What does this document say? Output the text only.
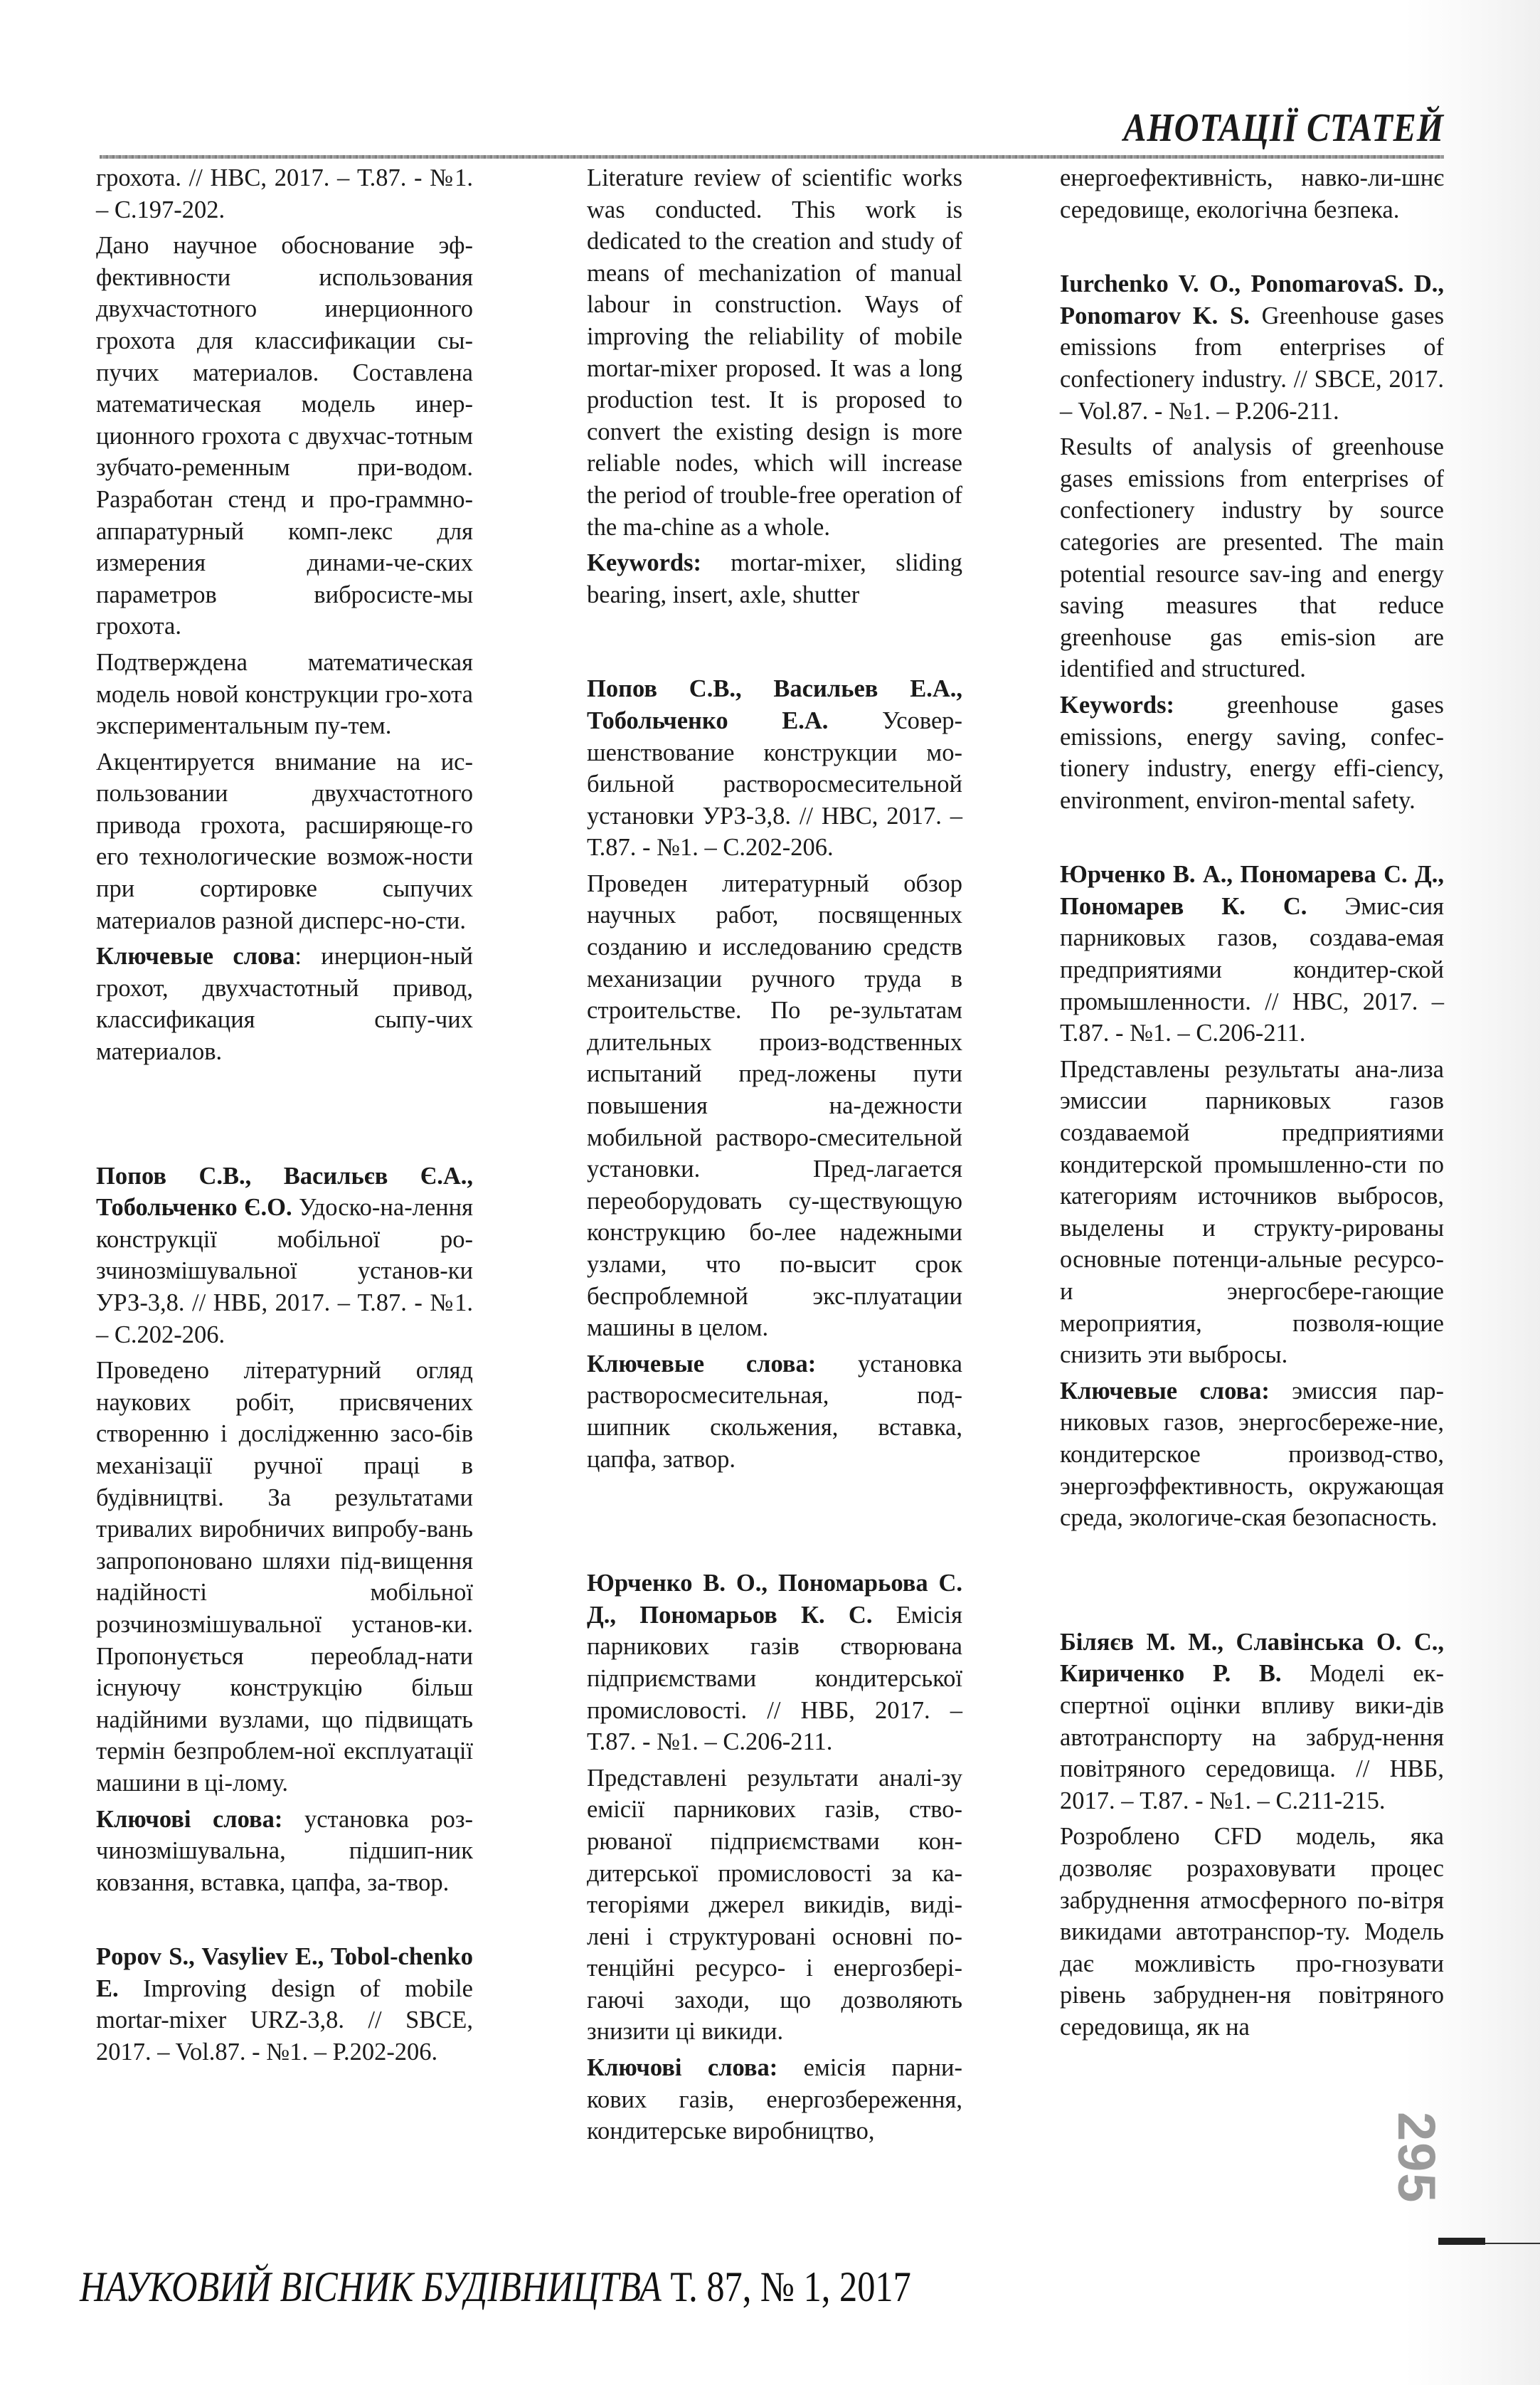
АНОТАЦІЇ СТАТЕЙ

грохота. // НВС, 2017. – Т.87. - №1. – С.197-202.

Дано научное обоснование эф-фективности использования двухчастотного инерционного грохота для классификации сы-пучих материалов. Составлена математическая модель инер-ционного грохота с двухчас-тотным зубчато-ременным при-водом. Разработан стенд и про-граммно-аппаратурный комп-лекс для измерения динами-че-ских параметров вибросисте-мы грохота.

Подтверждена математическая модель новой конструкции гро-хота экспериментальным пу-тем.

Акцентируется внимание на ис-пользовании двухчастотного привода грохота, расширяюще-го его технологические возмож-ности при сортировке сыпучих материалов разной дисперс-но-сти.

Ключевые слова: инерцион-ный грохот, двухчастотный привод, классификация сыпу-чих материалов.

Попов С.В., Васильєв Є.А., Тобольченко Є.О. Удоско-на-лення конструкції мобільної ро-зчинозмішувальної установ-ки УРЗ-3,8. // НВБ, 2017. – Т.87. - №1. – С.202-206.

Проведено літературний огляд наукових робіт, присвячених створенню і дослідженню засо-бів механізації ручної праці в будівництві. За результатами тривалих виробничих випробу-вань запропоновано шляхи під-вищення надійності мобільної розчинозмішувальної установ-ки. Пропонується переоблад-нати існуючу конструкцію більш надійними вузлами, що підвищать термін безпроблем-ної експлуатації машини в ці-лому.

Ключові слова: установка роз-чинозмішувальна, підшип-ник ковзання, вставка, цапфа, за-твор.

Popov S., Vasyliev E., Tobol-chenko E. Improving design of mobile mortar-mixer URZ-3,8. // SBCE, 2017. – Vol.87. - №1. – P.202-206.

Literature review of scientific works was conducted. This work is dedicated to the creation and study of means of mechanization of manual labour in construction. Ways of improving the reliability of mobile mortar-mixer proposed. It was a long production test. It is proposed to convert the existing design is more reliable nodes, which will increase the period of trouble-free operation of the ma-chine as a whole.

Keywords: mortar-mixer, sliding bearing, insert, axle, shutter

Попов С.В., Васильев Е.А., Тобольченко Е.А. Усовер-шенствование конструкции мо-бильной растворосмесительной установки УРЗ-3,8. // НВС, 2017. – Т.87. - №1. – С.202-206.

Проведен литературный обзор научных работ, посвященных созданию и исследованию средств механизации ручного труда в строительстве. По ре-зультатам длительных произ-водственных испытаний пред-ложены пути повышения на-дежности мобильной растворо-смесительной установки. Пред-лагается переоборудовать су-ществующую конструкцию бо-лее надежными узлами, что по-высит срок беспроблемной экс-плуатации машины в целом.

Ключевые слова: установка растворосмесительная, под-шипник скольжения, вставка, цапфа, затвор.

Юрченко В. О., Пономарьова С. Д., Пономарьов К. С. Емісія парникових газів створювана підприємствами кондитерської промисловості. // НВБ, 2017. – Т.87. - №1. – С.206-211.

Представлені результати аналі-зу емісії парникових газів, ство-рюваної підприємствами кон-дитерської промисловості за ка-тегоріями джерел викидів, виді-лені і структуровані основні по-тенційні ресурсо- і енергозбері-гаючі заходи, що дозволяють знизити ці викиди.

Ключові слова: емісія парни-кових газів, енергозбереження, кондитерське виробництво,

енергоефективність, навко-ли-шнє середовище, екологічна безпека.

Iurchenko V. O., PonomarovaS. D., Ponomarov K. S. Greenhouse gases emissions from enterprises of confectionery industry. // SBCE, 2017. – Vol.87. - №1. – P.206-211.

Results of analysis of greenhouse gases emissions from enterprises of confectionery industry by source categories are presented. The main potential resource sav-ing and energy saving measures that reduce greenhouse gas emis-sion are identified and structured.

Keywords: greenhouse gases emissions, energy saving, confec-tionery industry, energy effi-ciency, environment, environ-mental safety.

Юрченко В. А., Пономарева С. Д., Пономарев К. С. Эмис-сия парниковых газов, создава-емая предприятиями кондитер-ской промышленности. // НВС, 2017. – Т.87. - №1. – С.206-211.

Представлены результаты ана-лиза эмиссии парниковых газов создаваемой предприятиями кондитерской промышленно-сти по категориям источников выбросов, выделены и структу-рированы основные потенци-альные ресурсо- и энергосбере-гающие мероприятия, позволя-ющие снизить эти выбросы.

Ключевые слова: эмиссия пар-никовых газов, энергосбереже-ние, кондитерское производ-ство, энергоэффективность, окружающая среда, экологиче-ская безопасность.

Біляєв М. М., Славінська О. С., Кириченко Р. В. Моделі ек-спертної оцінки впливу вики-дів автотранспорту на забруд-нення повітряного середовища. // НВБ, 2017. – Т.87. - №1. – С.211-215.

Розроблено CFD модель, яка дозволяє розраховувати процес забруднення атмосферного по-вітря викидами автотранспор-ту. Модель дає можливість про-гнозувати рівень забруднен-ня повітряного середовища, як на

295
НАУКОВИЙ ВІСНИК БУДІВНИЦТВА Т. 87, № 1, 2017
